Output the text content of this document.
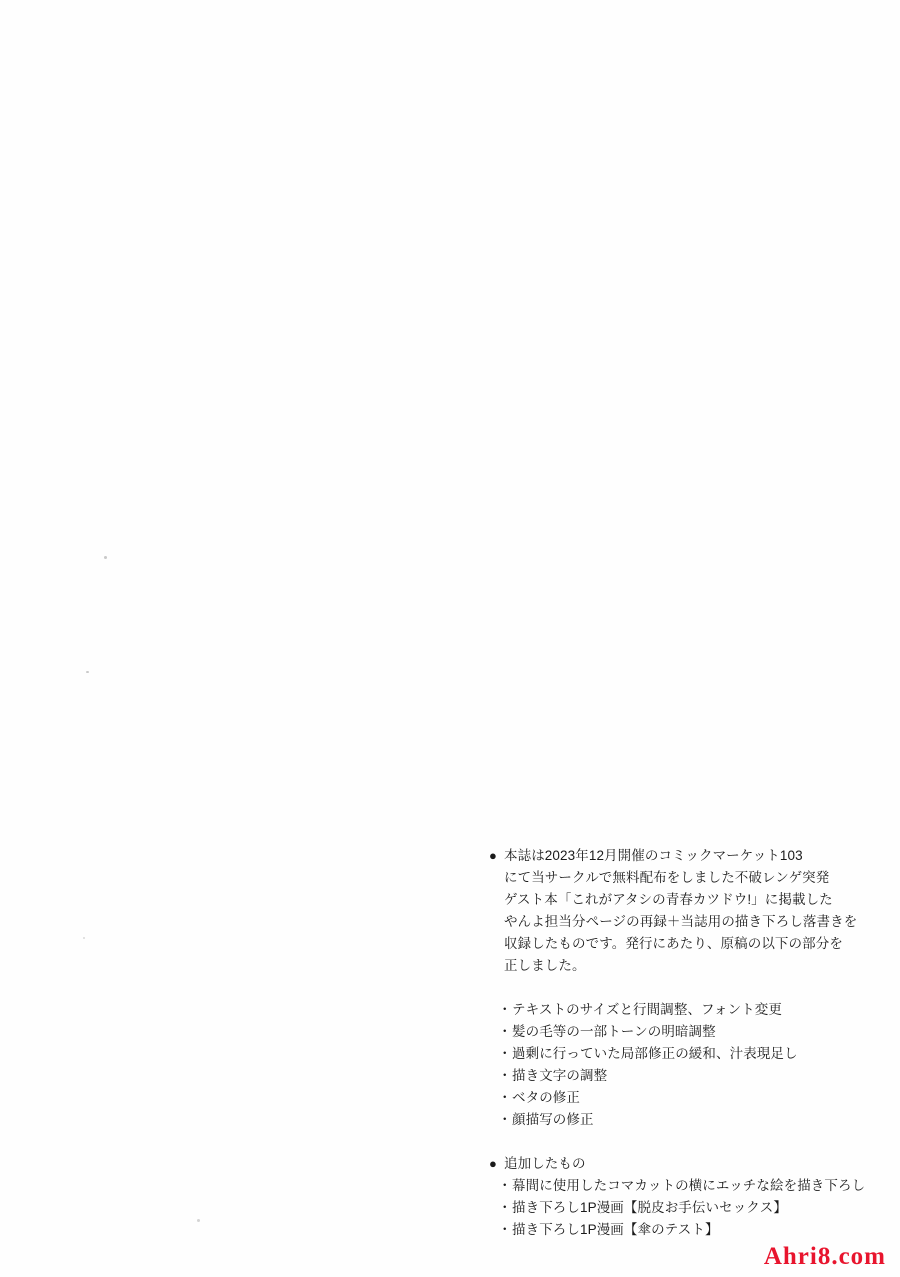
● 本誌は2023年12月開催のコミックマーケット103
にて当サークルで無料配布をしました不破レンゲ突発
ゲスト本「これがアタシの青春カツドウ!」に掲載した
やんよ担当分ページの再録＋当誌用の描き下ろし落書きを
収録したものです。発行にあたり、原稿の以下の部分を
正しました。
・ テキストのサイズと行間調整、フォント変更
・ 髪の毛等の一部トーンの明暗調整
・ 過剰に行っていた局部修正の緩和、汁表現足し
・ 描き文字の調整
・ ベタの修正
・ 顔描写の修正
● 追加したもの
・ 幕間に使用したコマカットの横にエッチな絵を描き下ろし
・ 描き下ろし1P漫画【脱皮お手伝いセックス】
・ 描き下ろし1P漫画【傘のテスト】
Ahri8.com
